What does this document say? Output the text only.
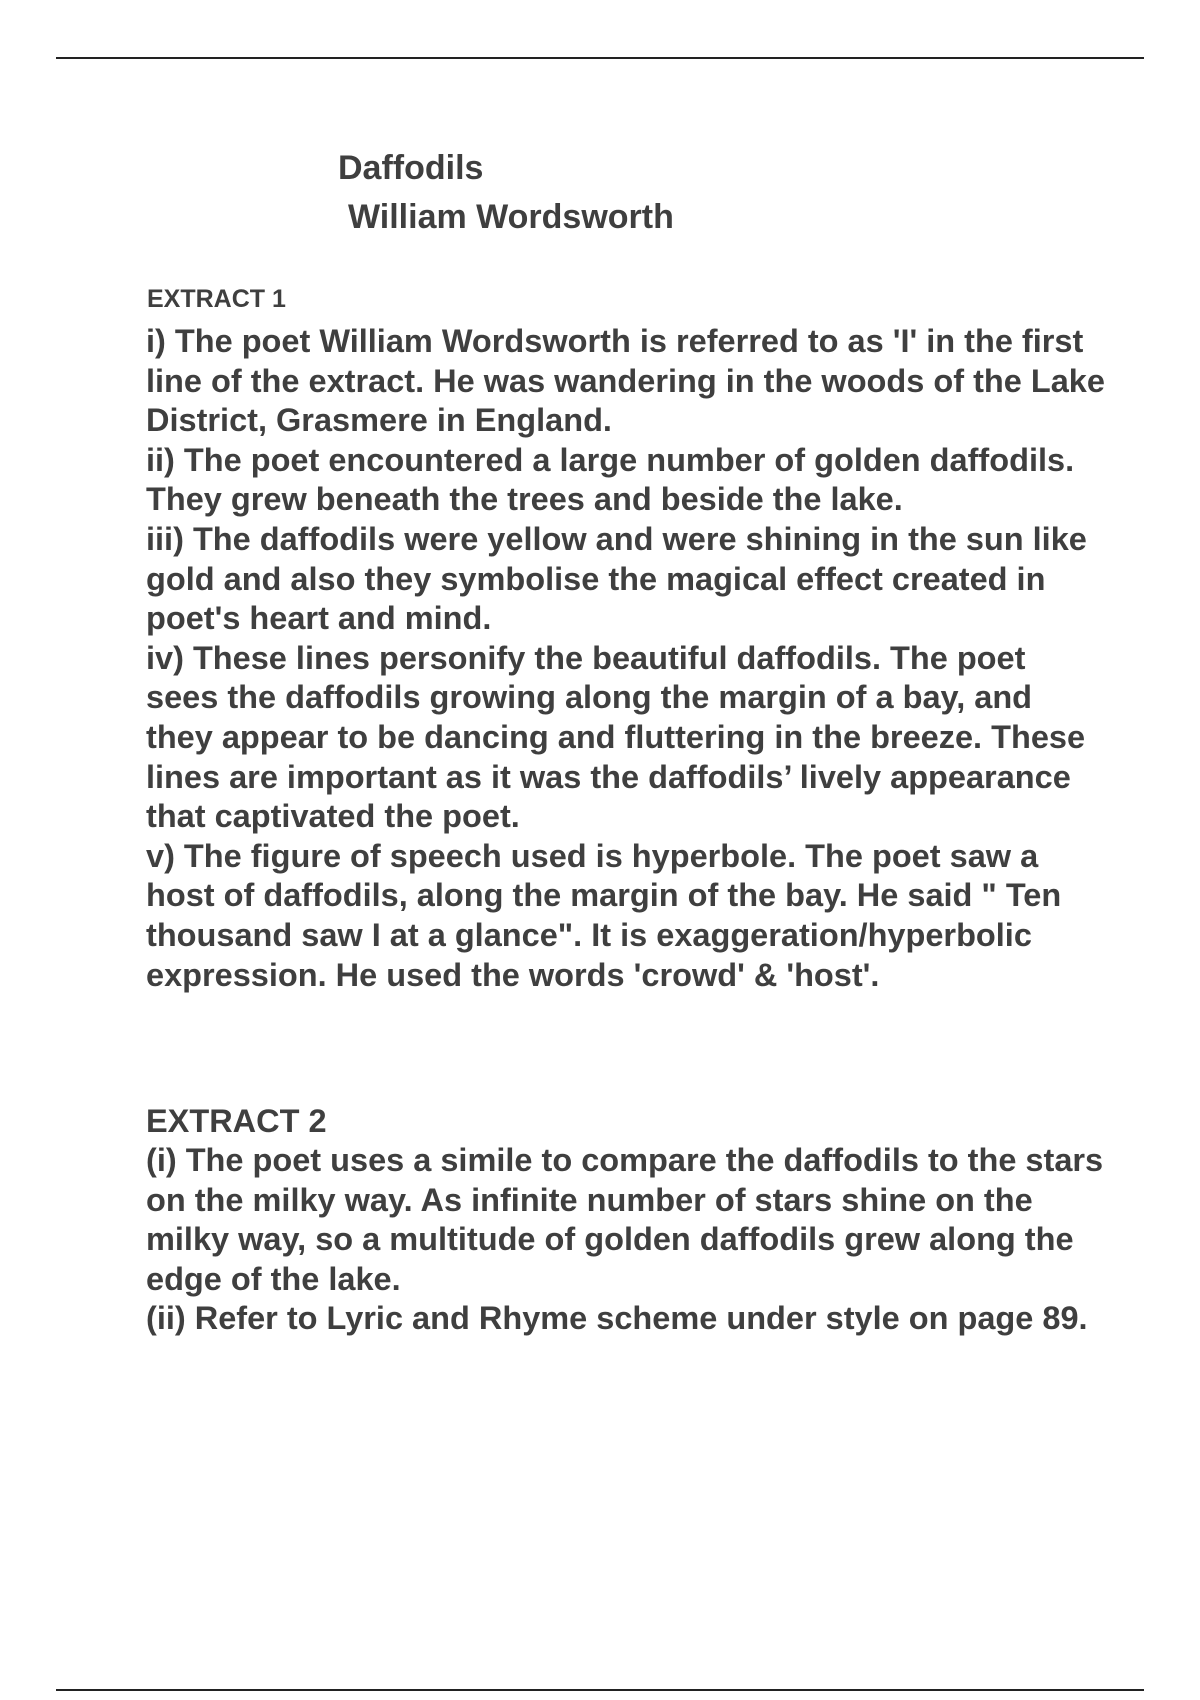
Daffodils
William Wordsworth
EXTRACT 1

i) The poet William Wordsworth is referred to as 'I' in the first line of the extract. He was wandering in the woods of the Lake District, Grasmere in England.

ii) The poet encountered a large number of golden daffodils. They grew beneath the trees and beside the lake.

iii) The daffodils were yellow and were shining in the sun like gold and also they symbolise the magical effect created in poet's heart and mind.

iv) These lines personify the beautiful daffodils. The poet sees the daffodils growing along the margin of a bay, and they appear to be dancing and fluttering in the breeze. These lines are important as it was the daffodils’ lively appearance that captivated the poet.

v) The figure of speech used is hyperbole. The poet saw a host of daffodils, along the margin of the bay. He said " Ten thousand saw I at a glance". It is exaggeration/hyperbolic expression. He used the words 'crowd' & 'host'.

EXTRACT 2

(i) The poet uses a simile to compare the daffodils to the stars on the milky way. As infinite number of stars shine on the milky way, so a multitude of golden daffodils grew along the edge of the lake.

(ii) Refer to Lyric and Rhyme scheme under style on page 89.
